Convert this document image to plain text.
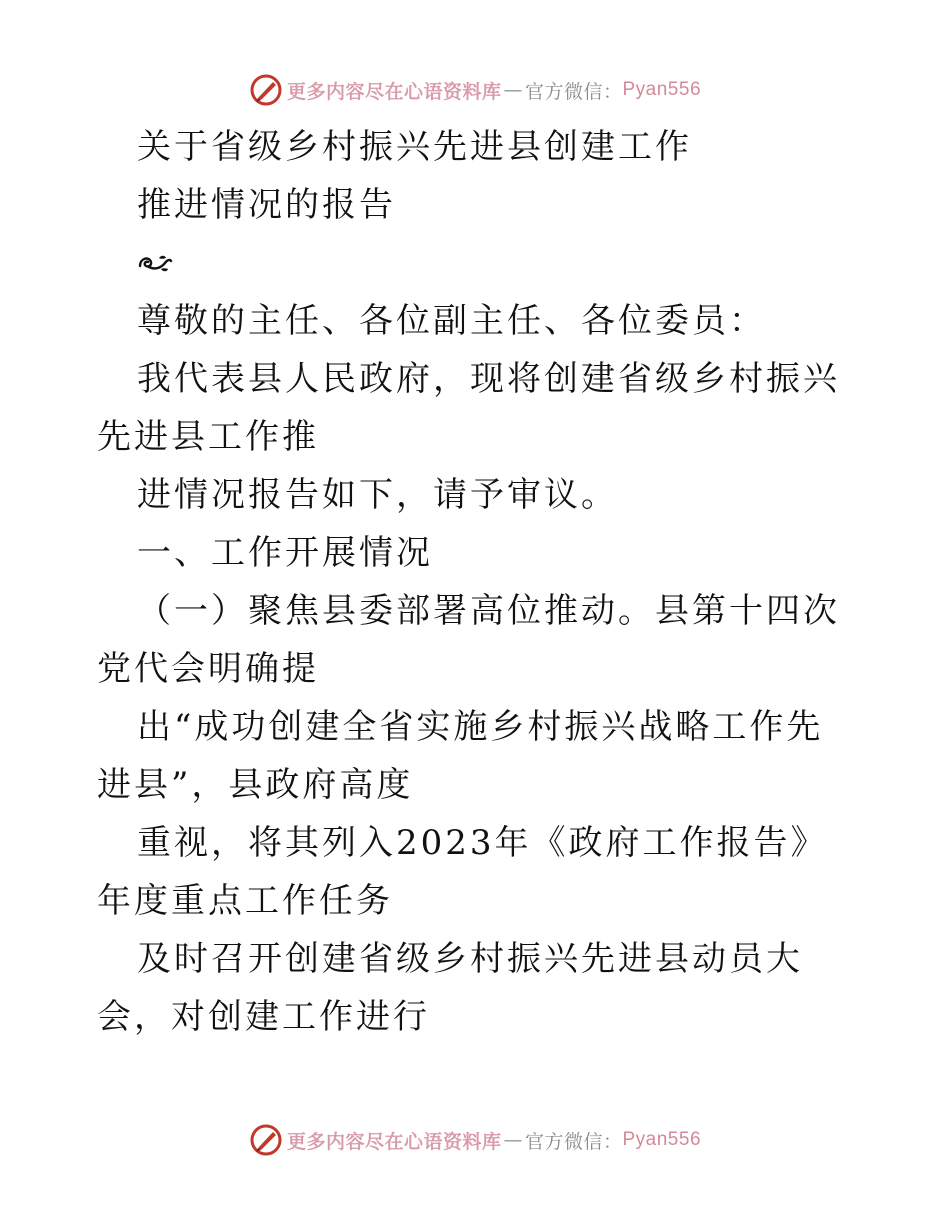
更多内容尽在心语资料库 — 官方微信： Pyan556

关于省级乡村振兴先进县创建工作

推进情况的报告

尊敬的主任、各位副主任、各位委员：

我代表县人民政府，现将创建省级乡村振兴先进县工作推

进情况报告如下，请予审议。

一、工作开展情况

（一）聚焦县委部署高位推动。县第十四次党代会明确提

出“成功创建全省实施乡村振兴战略工作先进县”，县政府高度

重视，将其列入2023年《政府工作报告》年度重点工作任务

及时召开创建省级乡村振兴先进县动员大会，对创建工作进行

更多内容尽在心语资料库 — 官方微信： Pyan556
